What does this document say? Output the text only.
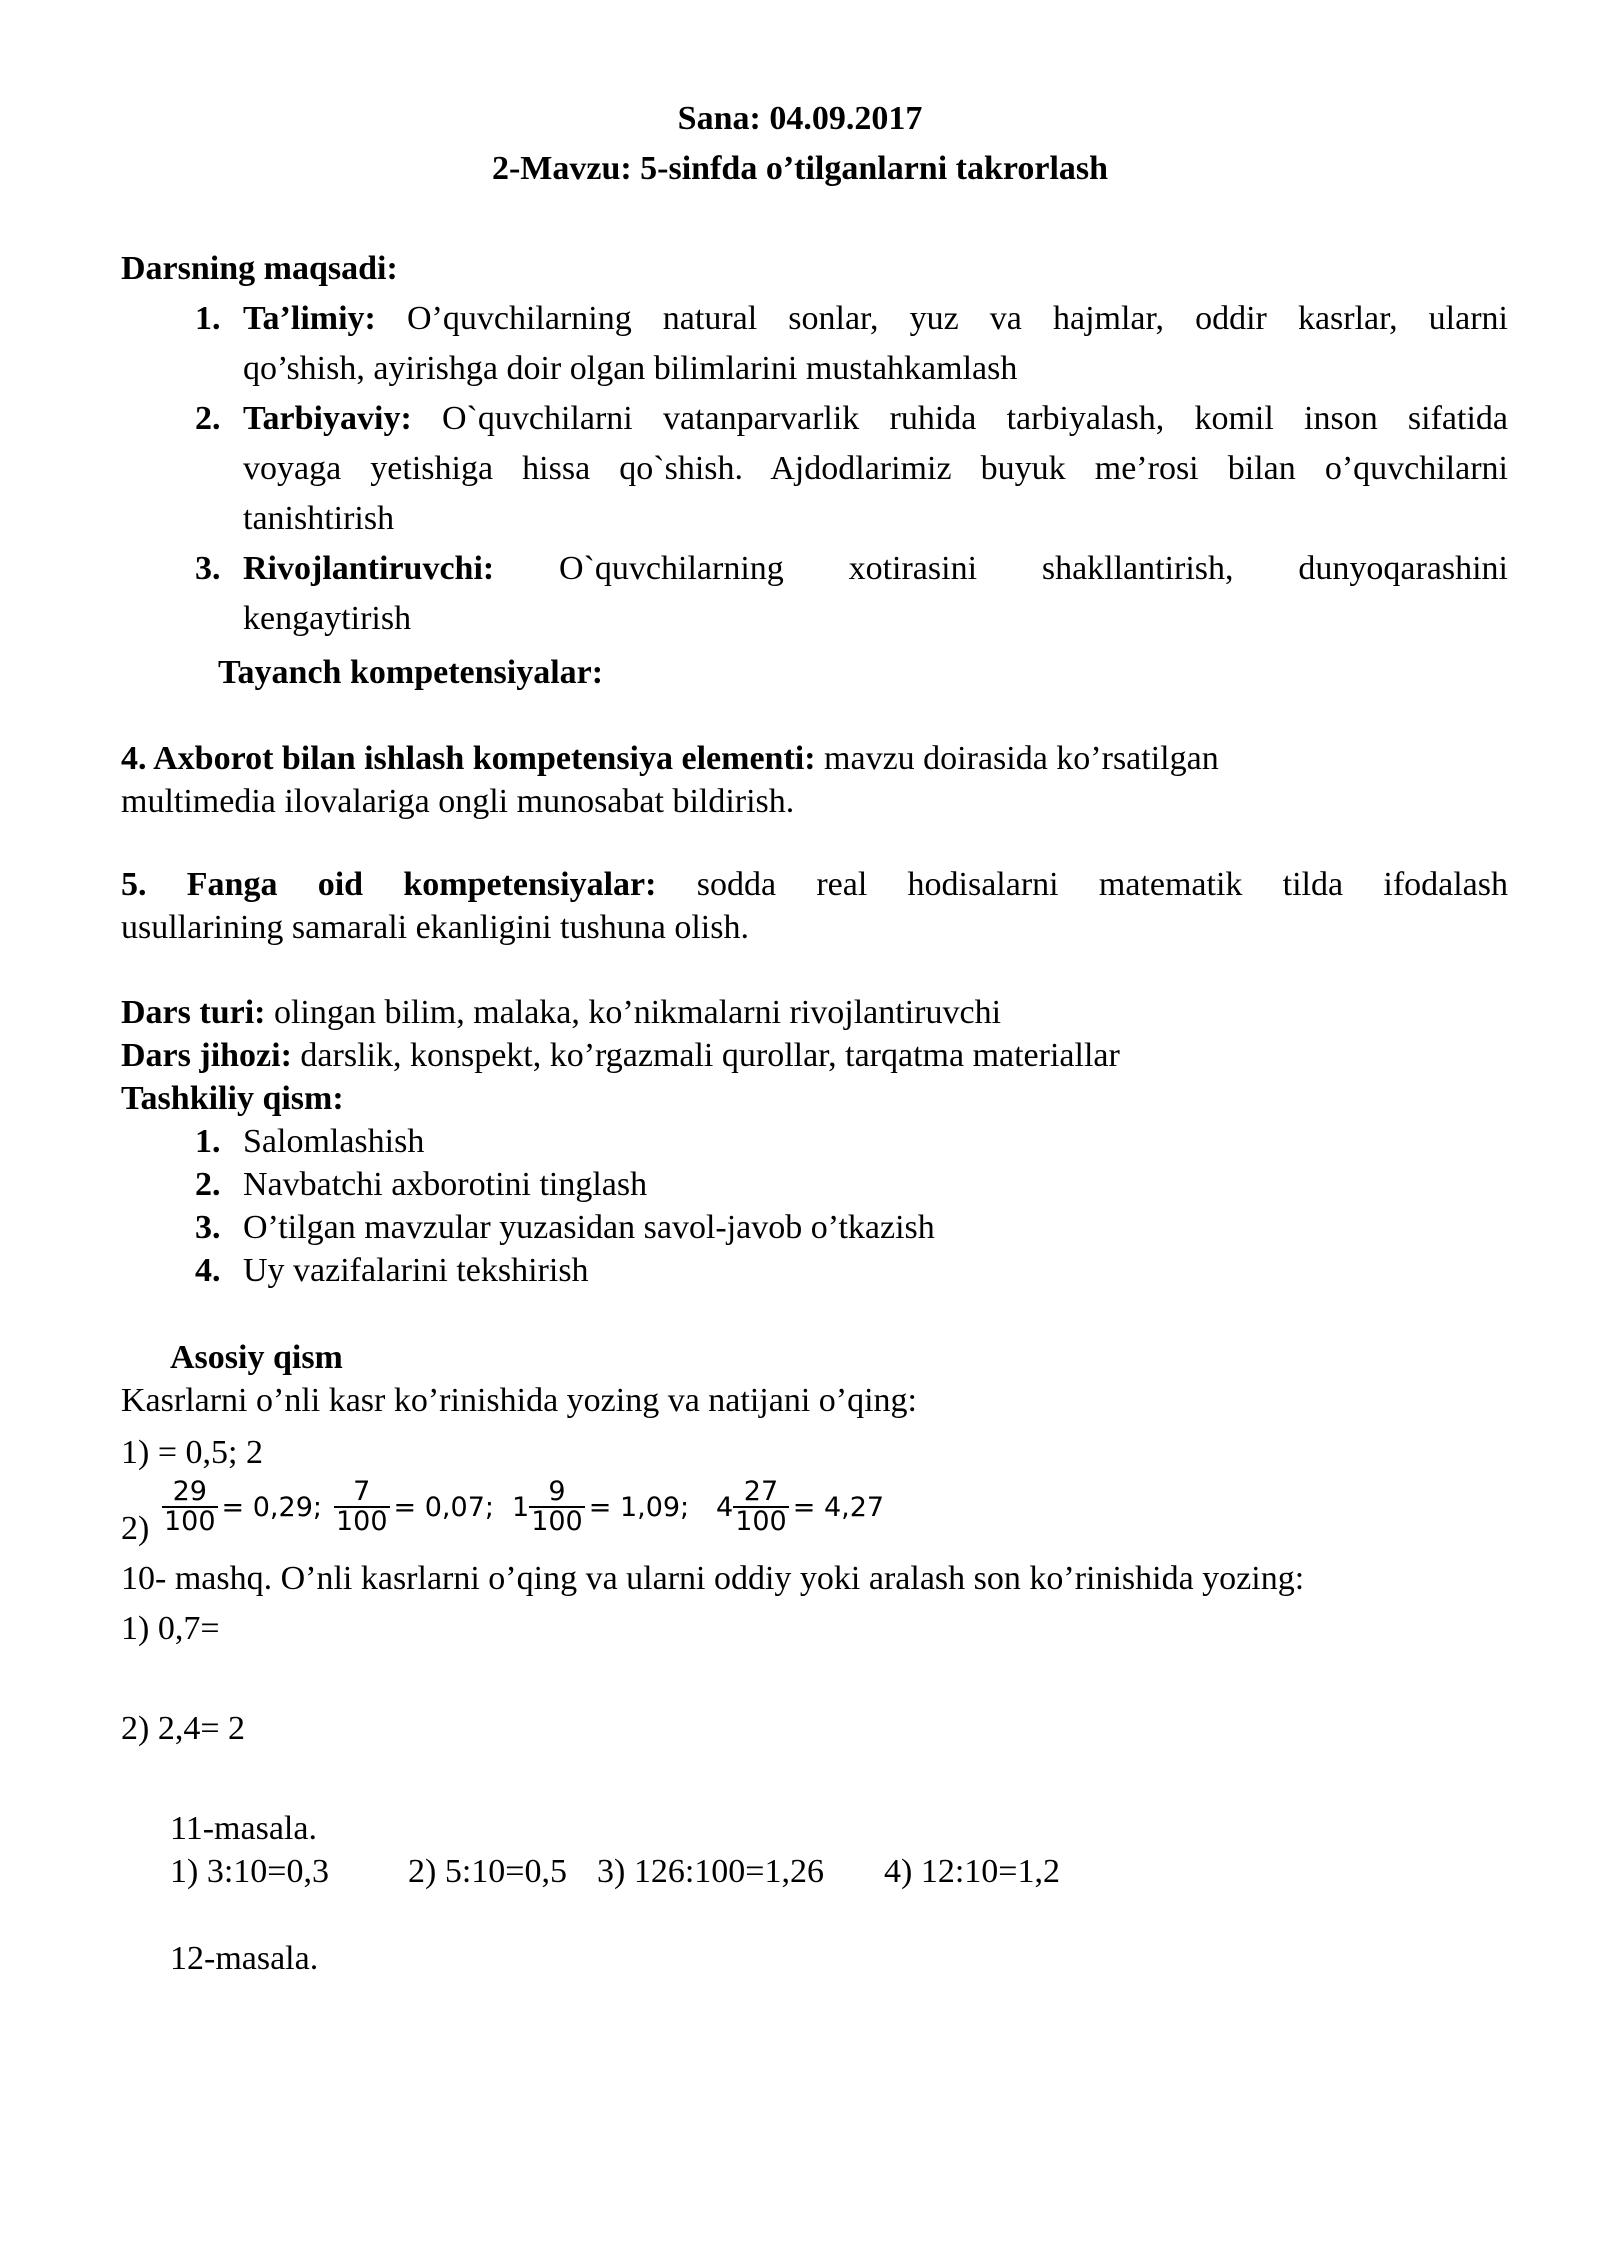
Sana: 04.09.2017
2-Mavzu: 5-sinfda o’tilganlarni takrorlash
Darsning maqsadi:
1. Ta’limiy: O’quvchilarning natural sonlar, yuz va hajmlar, oddir kasrlar, ularni
qo’shish, ayirishga doir olgan bilimlarini mustahkamlash
2. Tarbiyaviy: O`quvchilarni vatanparvarlik ruhida tarbiyalash, komil inson sifatida
voyaga yetishiga hissa qo`shish. Ajdodlarimiz buyuk me’rosi bilan o’quvchilarni
tanishtirish
3. Rivojlantiruvchi: O`quvchilarning xotirasini shakllantirish, dunyoqarashini
kengaytirish
Tayanch kompetensiyalar:
4. Axborot bilan ishlash kompetensiya elementi: mavzu doirasida ko’rsatilgan
multimedia ilovalariga ongli munosabat bildirish.
5. Fanga oid kompetensiyalar: sodda real hodisalarni matematik tilda ifodalash
usullarining samarali ekanligini tushuna olish.
Dars turi: olingan bilim, malaka, ko’nikmalarni rivojlantiruvchi
Dars jihozi: darslik, konspekt, ko’rgazmali qurollar, tarqatma materiallar
Tashkiliy qism:
1. Salomlashish
2. Navbatchi axborotini tinglash
3. O’tilgan mavzular yuzasidan savol-javob o’tkazish
4. Uy vazifalarini tekshirish
Asosiy qism
Kasrlarni o’nli kasr ko’rinishida yozing va natijani o’qing:
1) = 0,5; 2
$2) \frac{29}{100} = 0,29$; $\frac{7}{100} = 0,07$; $1 \frac{9}{100} = 1,09$; $4 \frac{27}{100} = 4,27$
10- mashq. O’nli kasrlarni o’qing va ularni oddiy yoki aralash son ko’rinishida yozing:
1) 0,7=
2) 2,4= 2
11-masala.
1) 3:10=0,3 2) 5:10=0,5 3) 126:100=1,26 4) 12:10=1,2
12-masala.
